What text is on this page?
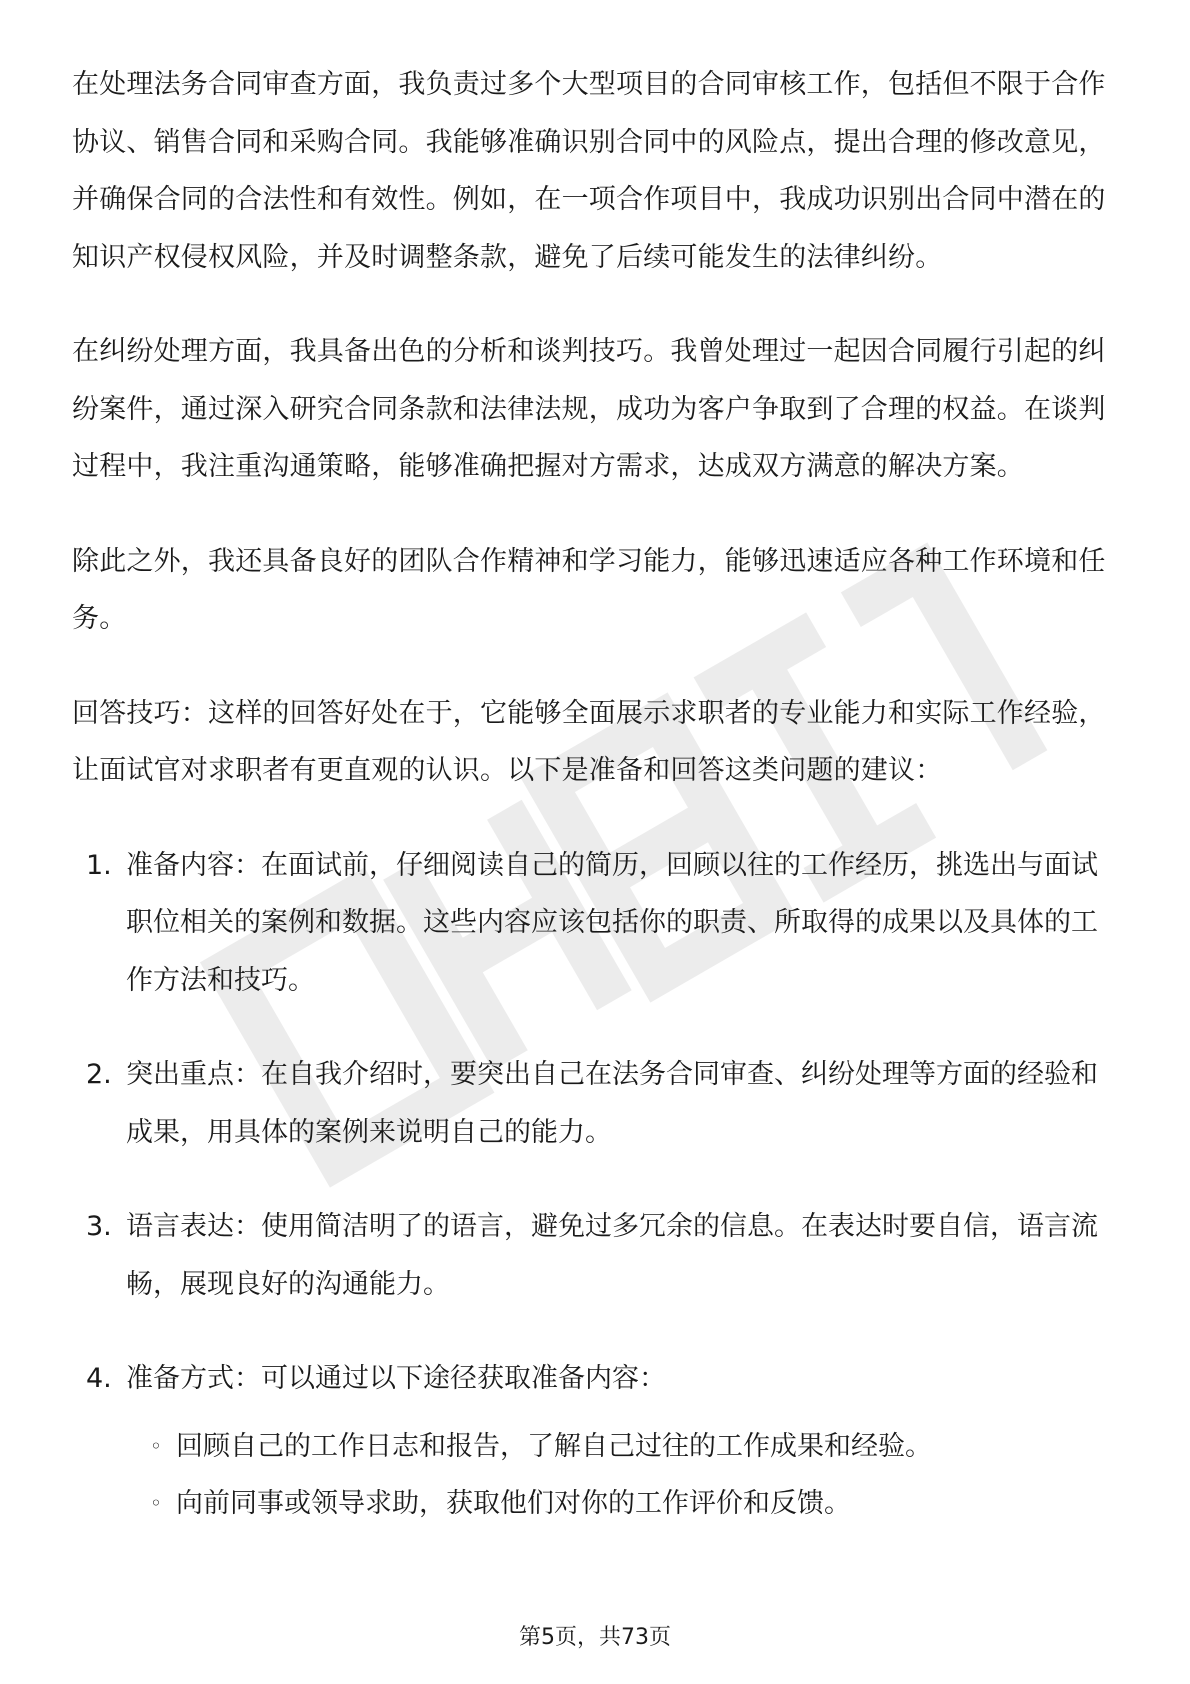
在处理法务合同审查方面，我负责过多个大型项目的合同审核工作，包括但不限于合作协议、销售合同和采购合同。我能够准确识别合同中的风险点，提出合理的修改意见，并确保合同的合法性和有效性。例如，在一项合作项目中，我成功识别出合同中潜在的知识产权侵权风险，并及时调整条款，避免了后续可能发生的法律纠纷。

在纠纷处理方面，我具备出色的分析和谈判技巧。我曾处理过一起因合同履行引起的纠纷案件，通过深入研究合同条款和法律法规，成功为客户争取到了合理的权益。在谈判过程中，我注重沟通策略，能够准确把握对方需求，达成双方满意的解决方案。

除此之外，我还具备良好的团队合作精神和学习能力，能够迅速适应各种工作环境和任务。

回答技巧：这样的回答好处在于，它能够全面展示求职者的专业能力和实际工作经验，让面试官对求职者有更直观的认识。以下是准备和回答这类问题的建议：

1. 准备内容：在面试前，仔细阅读自己的简历，回顾以往的工作经历，挑选出与面试职位相关的案例和数据。这些内容应该包括你的职责、所取得的成果以及具体的工作方法和技巧。
2. 突出重点：在自我介绍时，要突出自己在法务合同审查、纠纷处理等方面的经验和成果，用具体的案例来说明自己的能力。
3. 语言表达：使用简洁明了的语言，避免过多冗余的信息。在表达时要自信，语言流畅，展现良好的沟通能力。
4. 准备方式：可以通过以下途径获取准备内容：
◦ 回顾自己的工作日志和报告，了解自己过往的工作成果和经验。
◦ 向前同事或领导求助，获取他们对你的工作评价和反馈。
第5页，共73页
